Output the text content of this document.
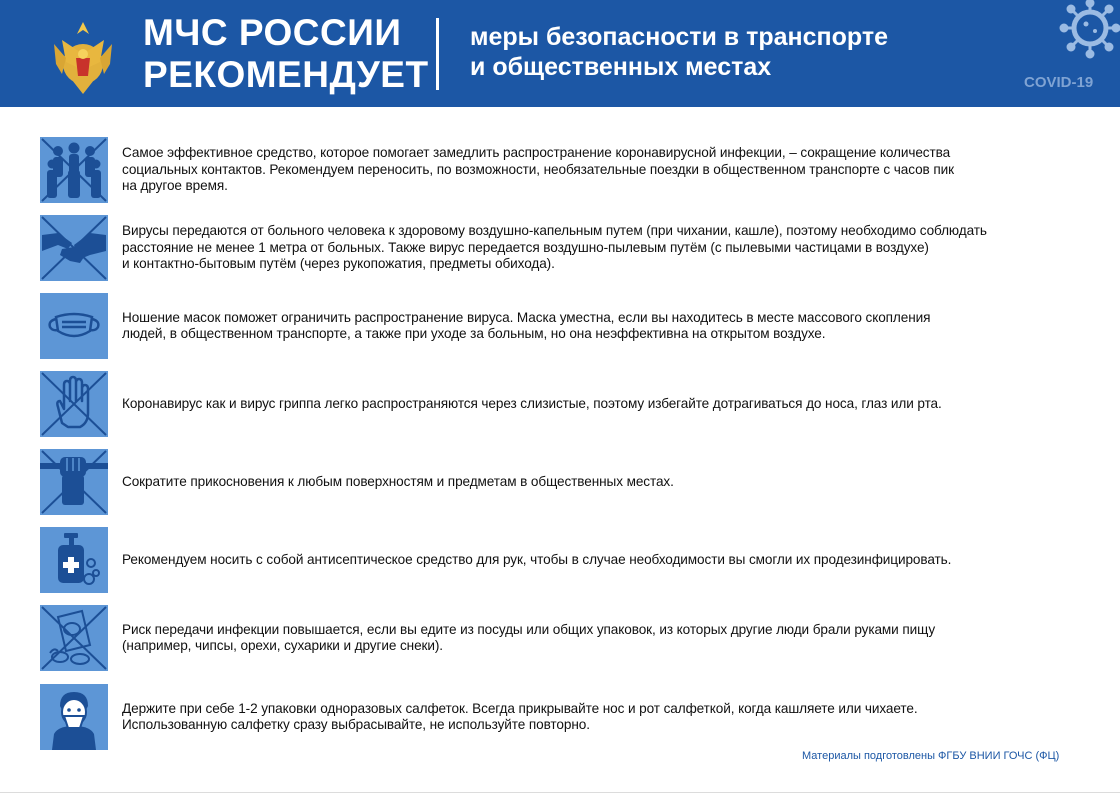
МЧС РОССИИ
РЕКОМЕНДУЕТ
меры безопасности в транспорте
и общественных местах
COVID-19
Самое эффективное средство, которое помогает замедлить распространение коронавирусной инфекции, – сокращение количества
социальных контактов. Рекомендуем переносить, по возможности, необязательные поездки в общественном транспорте с часов пик
на другое время.
Вирусы передаются от больного человека к здоровому воздушно-капельным путем (при чихании, кашле), поэтому необходимо соблюдать
расстояние не менее 1 метра от больных. Также вирус передается воздушно-пылевым путём (с пылевыми частицами в воздухе)
и контактно-бытовым путём (через рукопожатия, предметы обихода).
Ношение масок поможет ограничить распространение вируса. Маска уместна, если вы находитесь в месте массового скопления
людей, в общественном транспорте, а также при уходе за больным, но она неэффективна на открытом воздухе.
Коронавирус как и вирус гриппа легко распространяются через слизистые, поэтому избегайте дотрагиваться до носа, глаз или рта.
Сократите прикосновения к любым поверхностям и предметам в общественных местах.
Рекомендуем носить с собой антисептическое средство для рук, чтобы в случае необходимости вы смогли их продезинфицировать.
Риск передачи инфекции повышается, если вы едите из посуды или общих упаковок, из которых другие люди брали руками пищу
(например, чипсы, орехи, сухарики и другие снеки).
Держите при себе 1-2 упаковки одноразовых салфеток. Всегда прикрывайте нос и рот салфеткой, когда кашляете или чихаете.
Использованную салфетку сразу выбрасывайте, не используйте повторно.
Материалы подготовлены ФГБУ ВНИИ ГОЧС (ФЦ)
